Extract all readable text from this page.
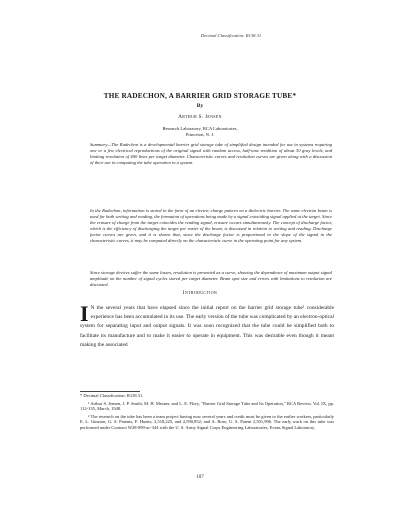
Decimal Classification: R138.31
THE RADECHON, A BARRIER GRID STORAGE TUBE*
By
Arthur S. Jensen
Research Laboratory, RCA Laboratories,
Princeton, N. J.

Summary—The Radechon is a developmental barrier grid storage tube of simplified design intended for use in systems requiring one or a few electrical reproductions of the original signal with random access, half-tone rendition of about 30 gray levels, and limiting resolution of 400 lines per target diameter. Characteristic curves and resolution curves are given along with a discussion of their use in computing the tube operation in a system.

In the Radechon, information is stored in the form of an electric charge pattern on a dielectric barrier. The same electron beam is used for both writing and reading, the formation of operations being made by a signal coinciding signal applied at the target. Since the erasure of charge from the target coincides the reading signal, erasure occurs simultaneously. The concept of discharge factor, which is the efficiency of discharging the target per raster of the beam, is discussed in relation to writing and reading. Discharge factor curves are given, and it is shown that, since the discharge factor is proportional to the slope of the signal in the characteristic curves, it may be computed directly on the characteristic curve in the operating point for any system.

Since storage devices suffer the same losses, resolution is presented as a curve, showing the dependence of maximum output signal amplitude on the number of signal cycles stored per target diameter. Beam spot size and errors with limitations to resolution are discussed.

Introduction
I N the several years that have elapsed since the initial report on the barrier grid storage tube¹ considerable experience has been accumulated in its use. The early version of the tube was complicated by an electron-optical system for separating input and output signals. It was soon recognized that the tube could be simplified both to facilitate its manufacture and to make it easier to operate in equipment. This was desirable even though it meant making the associated

* Decimal Classification: R138.31.

¹ Arthur S. Jensen, J. P. Smith, M. H. Mesner, and L. E. Flory, "Barrier Grid Storage Tube and Its Operation," RCA Review, Vol. IX, pp. 112-135, March, 1948.

² The research on the tube has been a team project having now several years and credit must be given to the earlier workers, particularly E. L. Ginzton, G. S. Patents, F. Huetts, 2,518,225, and 2,590,852; and A. Rose, U. S. Patent 2,501,996. The early work on this tube was performed under Contract W28-099-ac-344 with the U. S. Army Signal Corps Engineering Laboratories, Evans Signal Laboratory.

107
